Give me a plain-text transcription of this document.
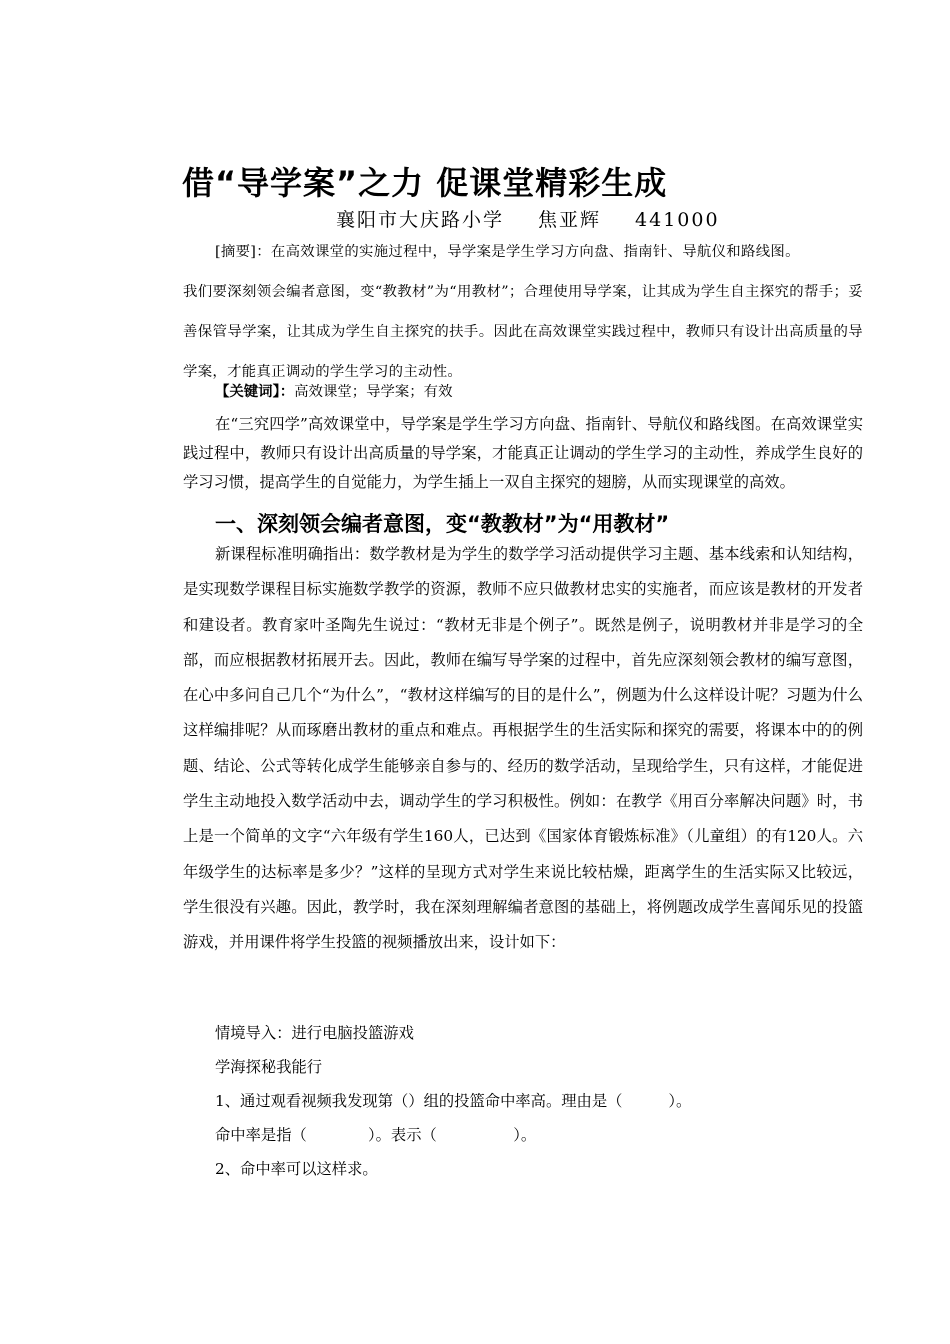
借“导学案”之力 促课堂精彩生成
襄阳市大庆路小学 焦亚辉 441000

[摘要]：在高效课堂的实施过程中，导学案是学生学习方向盘、指南针、导航仪和路线图。

我们要深刻领会编者意图，变“教教材”为“用教材”；合理使用导学案，让其成为学生自主探究的帮手；妥善保管导学案，让其成为学生自主探究的扶手。因此在高效课堂实践过程中，教师只有设计出高质量的导学案，才能真正调动的学生学习的主动性。

【关键词】：高效课堂；导学案；有效
在“三究四学”高效课堂中，导学案是学生学习方向盘、指南针、导航仪和路线图。在高效课堂实践过程中，教师只有设计出高质量的导学案，才能真正让调动的学生学习的主动性，养成学生良好的学习习惯，提高学生的自觉能力，为学生插上一双自主探究的翅膀，从而实现课堂的高效。
一、深刻领会编者意图，变“教教材”为“用教材”
新课程标准明确指出：数学教材是为学生的数学学习活动提供学习主题、基本线索和认知结构，是实现数学课程目标实施数学教学的资源，教师不应只做教材忠实的实施者，而应该是教材的开发者和建设者。教育家叶圣陶先生说过：“教材无非是个例子”。既然是例子，说明教材并非是学习的全部，而应根据教材拓展开去。因此，教师在编写导学案的过程中，首先应深刻领会教材的编写意图，在心中多问自己几个“为什么”，“教材这样编写的目的是什么”，例题为什么这样设计呢？习题为什么这样编排呢？从而琢磨出教材的重点和难点。再根据学生的生活实际和探究的需要，将课本中的的例题、结论、公式等转化成学生能够亲自参与的、经历的数学活动，呈现给学生，只有这样，才能促进学生主动地投入数学活动中去，调动学生的学习积极性。例如：在教学《用百分率解决问题》时，书上是一个简单的文字“六年级有学生160人，已达到《国家体育锻炼标准》（儿童组）的有120人。六年级学生的达标率是多少？”这样的呈现方式对学生来说比较枯燥，距离学生的生活实际又比较远，学生很没有兴趣。因此，教学时，我在深刻理解编者意图的基础上，将例题改成学生喜闻乐见的投篮游戏，并用课件将学生投篮的视频播放出来，设计如下：
情境导入：进行电脑投篮游戏
学海探秘我能行
1、通过观看视频我发现第（）组的投篮命中率高。理由是（　　　）。
命中率是指（　　　　）。表示（　　　　　）。
2、命中率可以这样求。
